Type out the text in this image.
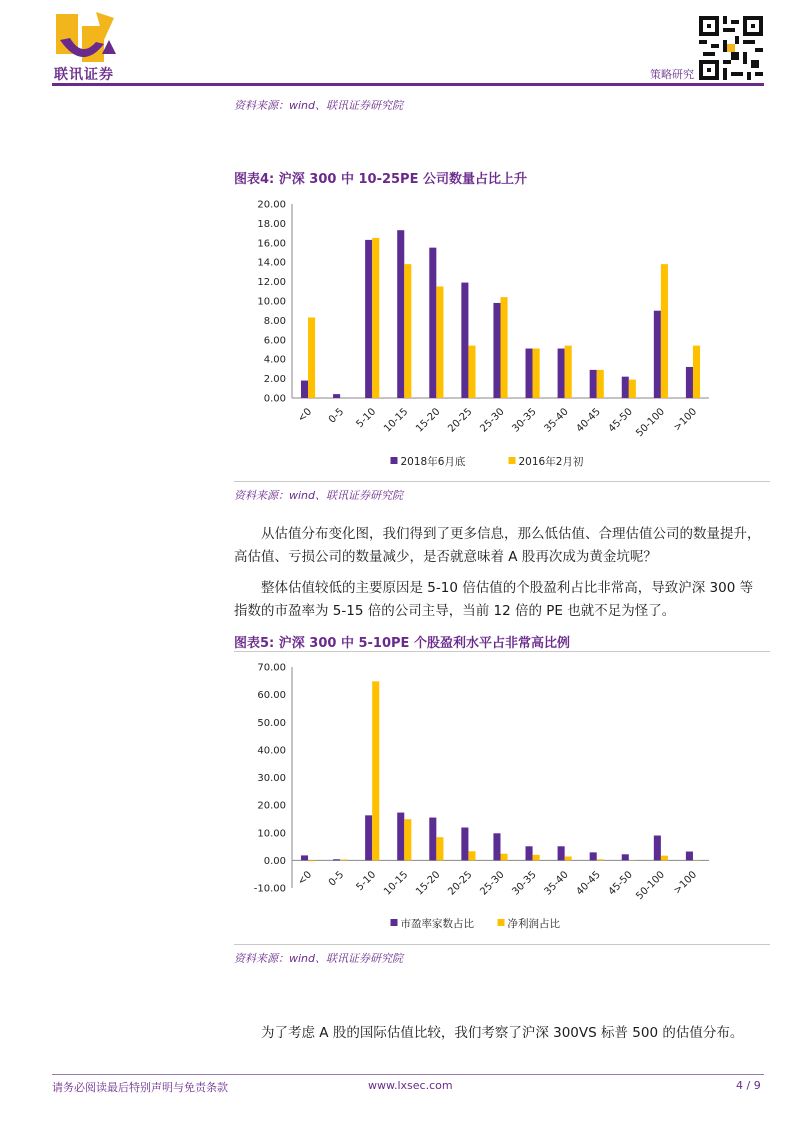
联讯证券	策略研究
资料来源：wind、联讯证券研究院
图表4: 沪深 300 中 10-25PE 公司数量占比上升
0.00
2.00
4.00
6.00
8.00
10.00
12.00
14.00
16.00
18.00
20.00
<0 0-5 5-10 10-15 15-20 20-25 25-30 30-35 35-40 40-45 45-50 50-100 >100
2018年6月底	2016年2月初
资料来源：wind、联讯证券研究院
从估值分布变化图，我们得到了更多信息，那么低估值、合理估值公司的数量提升，高估值、亏损公司的数量减少，是否就意味着 A 股再次成为黄金坑呢？
整体估值较低的主要原因是 5-10 倍估值的个股盈利占比非常高，导致沪深 300 等指数的市盈率为 5-15 倍的公司主导，当前 12 倍的 PE 也就不足为怪了。
图表5: 沪深 300 中 5-10PE 个股盈利水平占非常高比例
-10.00
0.00
10.00
20.00
30.00
40.00
50.00
60.00
70.00
<0 0-5 5-10 10-15 15-20 20-25 25-30 30-35 35-40 40-45 45-50 50-100 >100
市盈率家数占比	净利润占比
资料来源：wind、联讯证券研究院
为了考虑 A 股的国际估值比较，我们考察了沪深 300VS 标普 500 的估值分布。
请务必阅读最后特别声明与免责条款	www.lxsec.com	4 / 9
